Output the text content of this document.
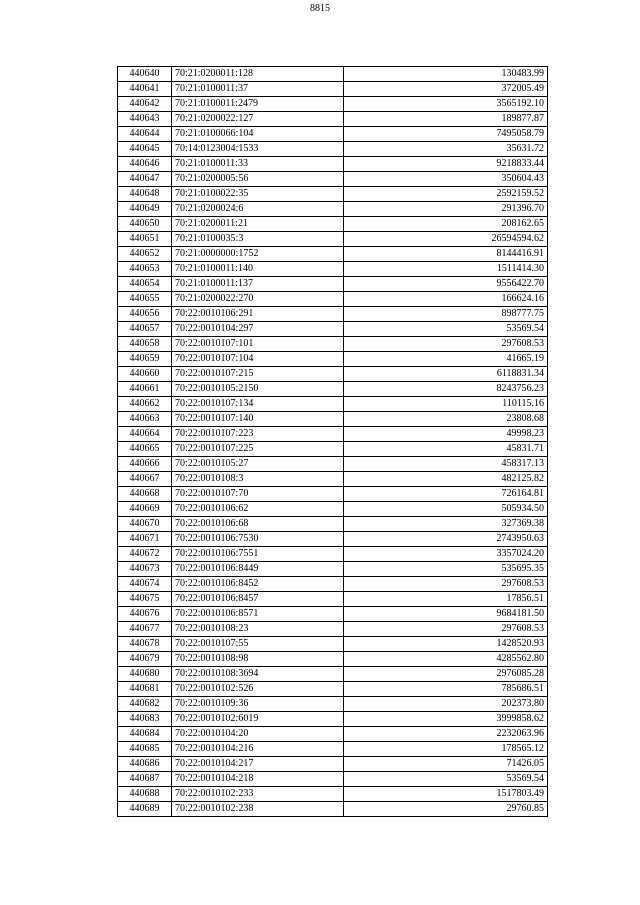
8815
440640	70:21:0200011:128	130483.99
440641	70:21:0100011:37	372005.49
440642	70:21:0100011:2479	3565192.10
440643	70:21:0200022:127	189877.87
440644	70:21:0100066:104	7495058.79
440645	70:14:0123004:1533	35631.72
440646	70:21:0100011:33	9218833.44
440647	70:21:0200005:56	350604.43
440648	70:21:0100022:35	2592159.52
440649	70:21:0200024:6	291396.70
440650	70:21:0200011:21	208162.65
440651	70:21:0100035:3	26594594.62
440652	70:21:0000000:1752	8144416.91
440653	70:21:0100011:140	1511414.30
440654	70:21:0100011:137	9556422.70
440655	70:21:0200022:270	166624.16
440656	70:22:0010106:291	898777.75
440657	70:22:0010104:297	53569.54
440658	70:22:0010107:101	297608.53
440659	70:22:0010107:104	41665.19
440660	70:22:0010107:215	6118831.34
440661	70:22:0010105:2150	8243756.23
440662	70:22:0010107:134	110115.16
440663	70:22:0010107:140	23808.68
440664	70:22:0010107:223	49998.23
440665	70:22:0010107:225	45831.71
440666	70:22:0010105:27	458317.13
440667	70:22:0010108:3	482125.82
440668	70:22:0010107:70	726164.81
440669	70:22:0010106:62	505934.50
440670	70:22:0010106:68	327369.38
440671	70:22:0010106:7530	2743950.63
440672	70:22:0010106:7551	3357024.20
440673	70:22:0010106:8449	535695.35
440674	70:22:0010106:8452	297608.53
440675	70:22:0010106:8457	17856.51
440676	70:22:0010106:8571	9684181.50
440677	70:22:0010108:23	297608.53
440678	70:22:0010107:55	1428520.93
440679	70:22:0010108:98	4285562.80
440680	70:22:0010108:3694	2976085.28
440681	70:22:0010102:526	785686.51
440682	70:22:0010109:36	202373.80
440683	70:22:0010102:6019	3999858.62
440684	70:22:0010104:20	2232063.96
440685	70:22:0010104:216	178565.12
440686	70:22:0010104:217	71426.05
440687	70:22:0010104:218	53569.54
440688	70:22:0010102:233	1517803.49
440689	70:22:0010102:238	29760.85
